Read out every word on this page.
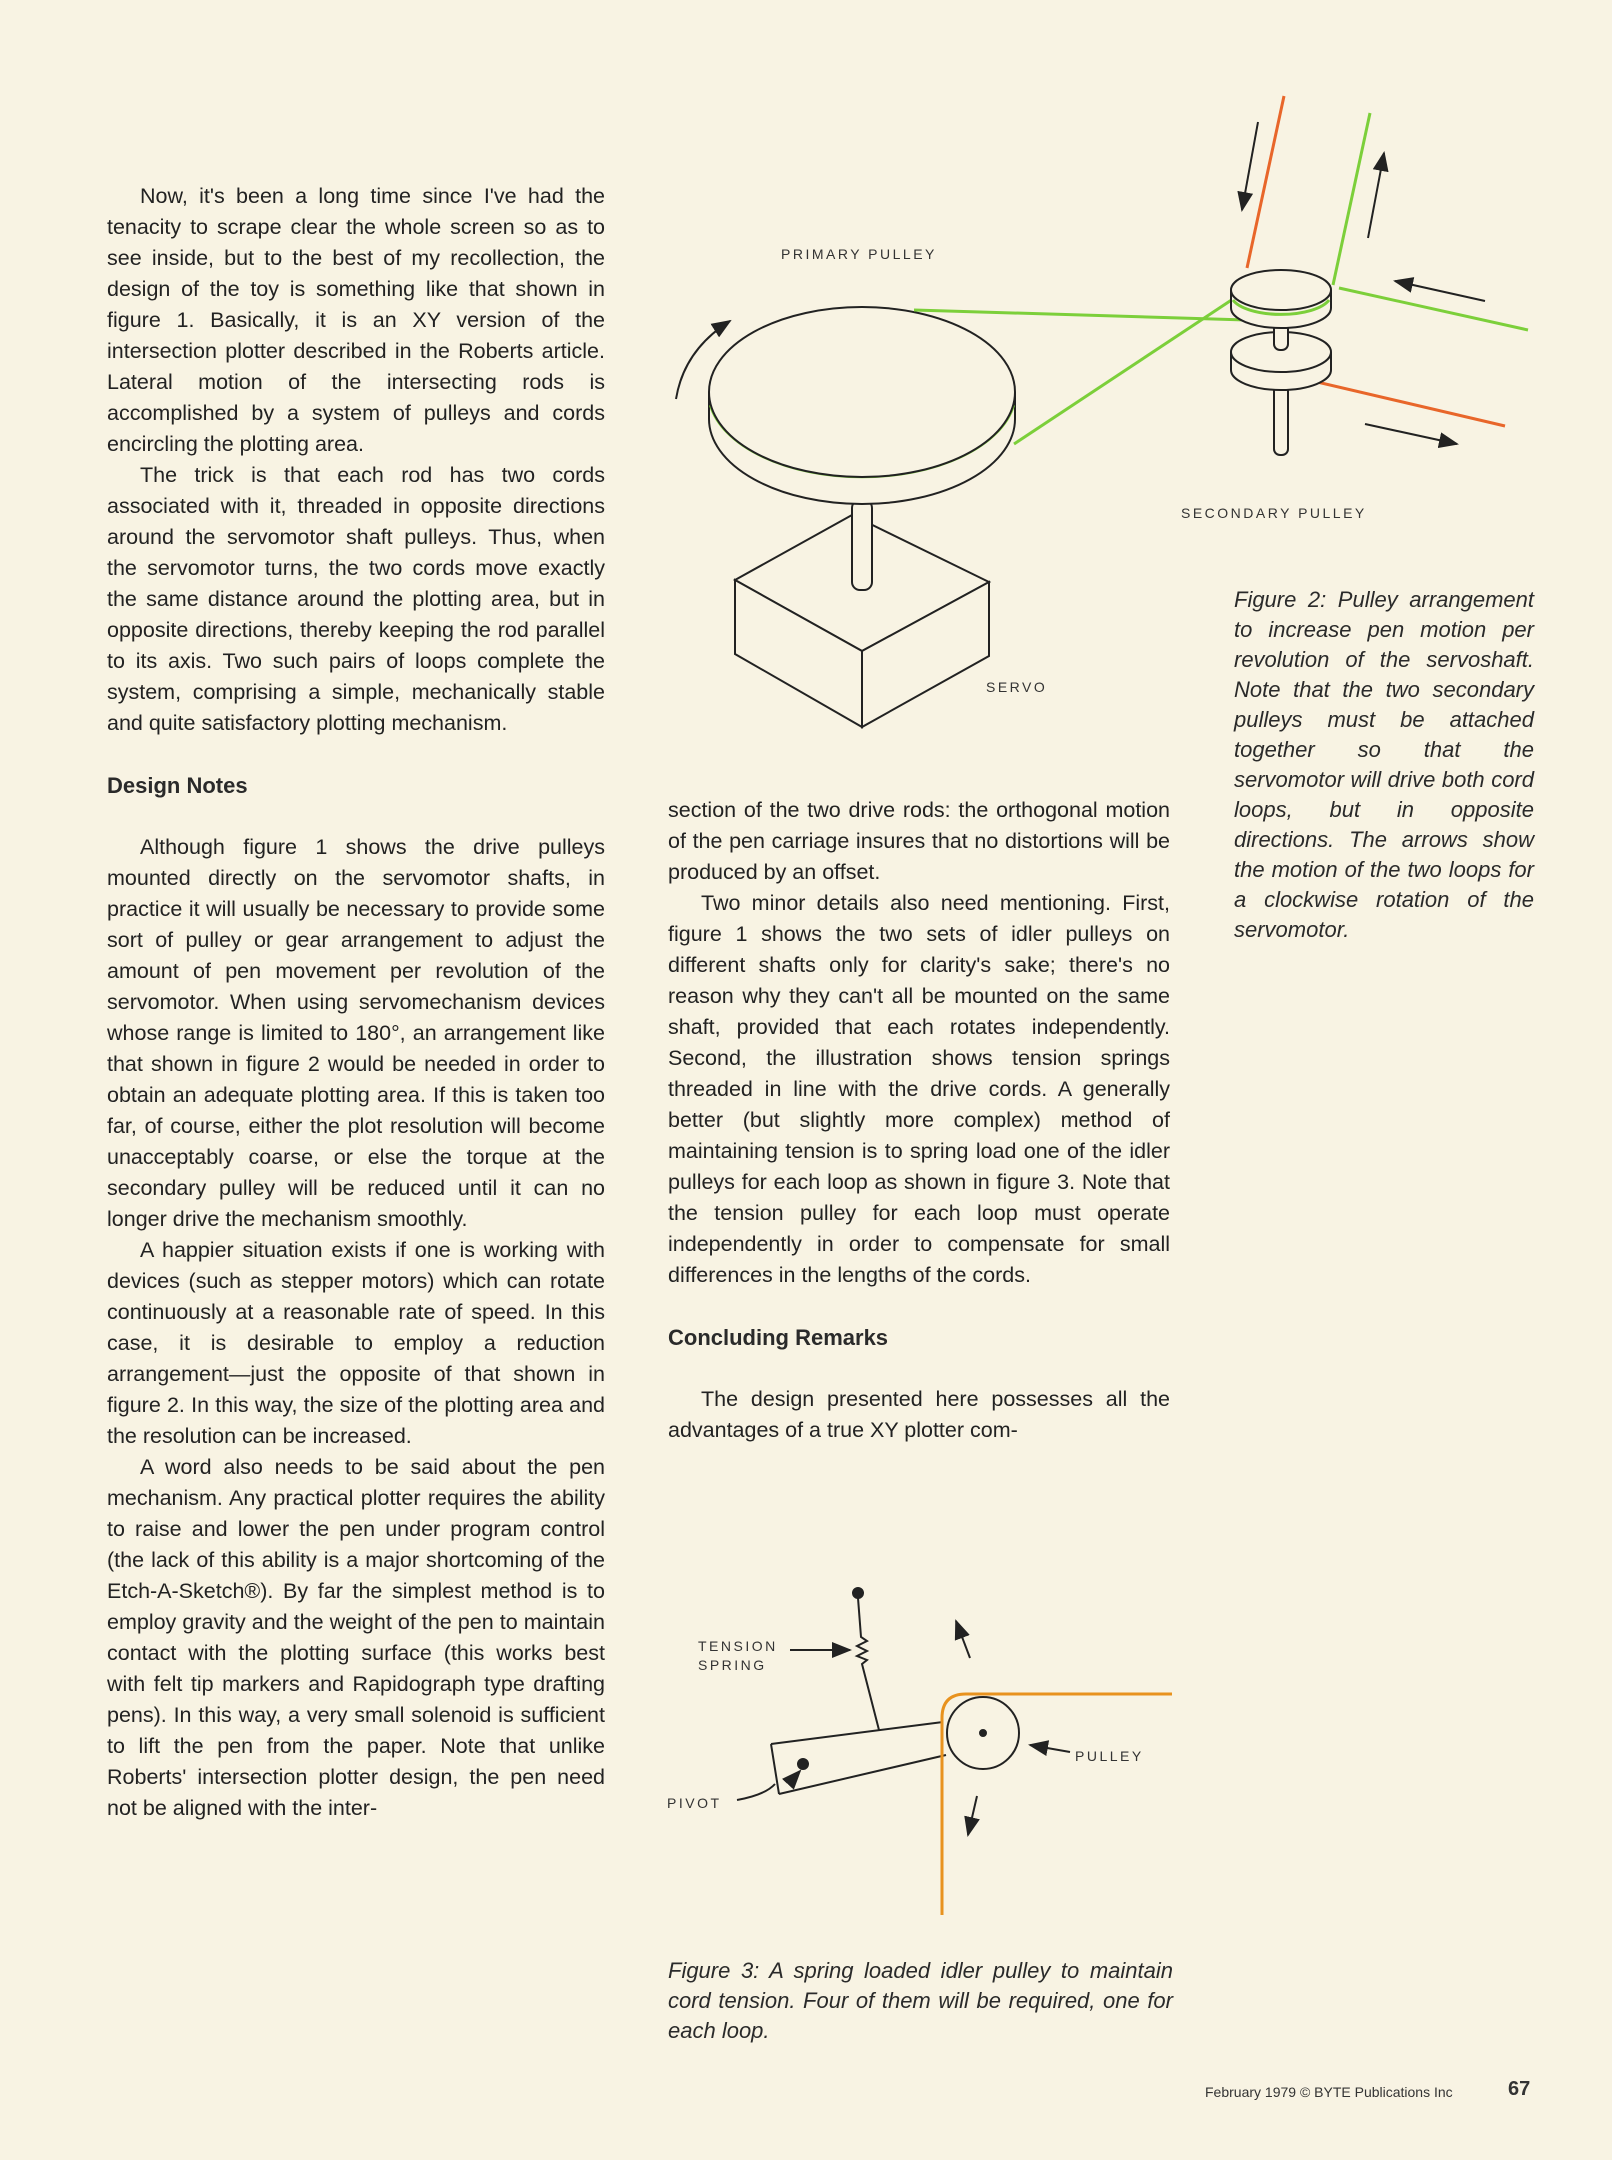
Now, it's been a long time since I've had the tenacity to scrape clear the whole screen so as to see inside, but to the best of my recollection, the design of the toy is something like that shown in figure 1. Basically, it is an XY version of the intersection plotter described in the Roberts article. Lateral motion of the intersecting rods is accomplished by a system of pulleys and cords encircling the plotting area.

The trick is that each rod has two cords associated with it, threaded in opposite directions around the servomotor shaft pulleys. Thus, when the servomotor turns, the two cords move exactly the same distance around the plotting area, but in opposite directions, thereby keeping the rod parallel to its axis. Two such pairs of loops complete the system, comprising a simple, mechanically stable and quite satisfactory plotting mechanism.

Design Notes

Although figure 1 shows the drive pulleys mounted directly on the servomotor shafts, in practice it will usually be necessary to provide some sort of pulley or gear arrangement to adjust the amount of pen movement per revolution of the servomotor. When using servomechanism devices whose range is limited to 180°, an arrangement like that shown in figure 2 would be needed in order to obtain an adequate plotting area. If this is taken too far, of course, either the plot resolution will become unacceptably coarse, or else the torque at the secondary pulley will be reduced until it can no longer drive the mechanism smoothly.

A happier situation exists if one is working with devices (such as stepper motors) which can rotate continuously at a reasonable rate of speed. In this case, it is desirable to employ a reduction arrangement—just the opposite of that shown in figure 2. In this way, the size of the plotting area and the resolution can be increased.

A word also needs to be said about the pen mechanism. Any practical plotter requires the ability to raise and lower the pen under program control (the lack of this ability is a major shortcoming of the Etch-A-Sketch®). By far the simplest method is to employ gravity and the weight of the pen to maintain contact with the plotting surface (this works best with felt tip markers and Rapidograph type drafting pens). In this way, a very small solenoid is sufficient to lift the pen from the paper. Note that unlike Roberts' intersection plotter design, the pen need not be aligned with the inter-

section of the two drive rods: the orthogonal motion of the pen carriage insures that no distortions will be produced by an offset.

Two minor details also need mentioning. First, figure 1 shows the two sets of idler pulleys on different shafts only for clarity's sake; there's no reason why they can't all be mounted on the same shaft, provided that each rotates independently. Second, the illustration shows tension springs threaded in line with the drive cords. A generally better (but slightly more complex) method of maintaining tension is to spring load one of the idler pulleys for each loop as shown in figure 3. Note that the tension pulley for each loop must operate independently in order to compensate for small differences in the lengths of the cords.

Concluding Remarks

The design presented here possesses all the advantages of a true XY plotter com-

PRIMARY PULLEY
SECONDARY PULLEY
SERVO
TENSION
SPRING
PIVOT
PULLEY
Figure 2: Pulley arrangement to increase pen motion per revolution of the servoshaft. Note that the two secondary pulleys must be attached together so that the servomotor will drive both cord loops, but in opposite directions. The arrows show the motion of the two loops for a clockwise rotation of the servomotor.
Figure 3: A spring loaded idler pulley to maintain cord tension. Four of them will be required, one for each loop.
February 1979 © BYTE Publications Inc	67
